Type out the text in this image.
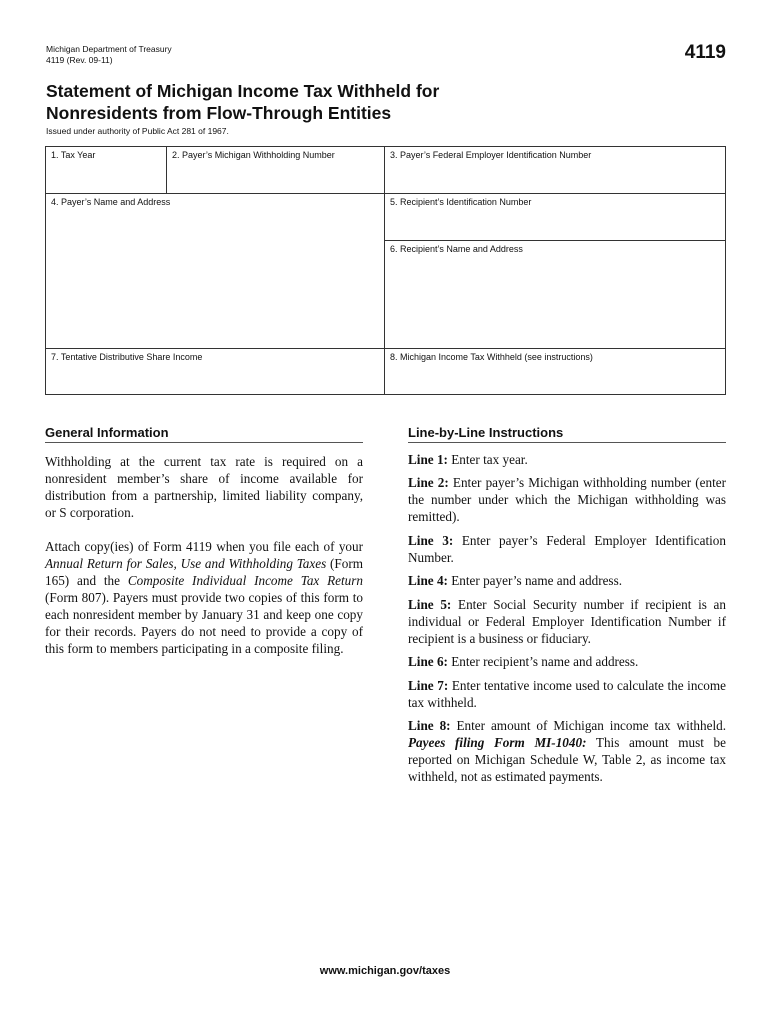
Michigan Department of Treasury
4119 (Rev. 09-11)	4119
Statement of Michigan Income Tax Withheld for
Nonresidents from Flow-Through Entities
Issued under authority of Public Act 281 of 1967.
1. Tax Year	2. Payer’s Michigan Withholding Number	3. Payer’s Federal Employer Identification Number
4. Payer’s Name and Address	5. Recipient’s Identification Number
6. Recipient’s Name and Address
7. Tentative Distributive Share Income	8. Michigan Income Tax Withheld (see instructions)
General Information

Withholding at the current tax rate is required on a nonresident member’s share of income available for distribution from a partnership, limited liability company, or S corporation.

Attach copy(ies) of Form 4119 when you file each of your Annual Return for Sales, Use and Withholding Taxes (Form 165) and the Composite Individual Income Tax Return (Form 807). Payers must provide two copies of this form to each nonresident member by January 31 and keep one copy for their records. Payers do not need to provide a copy of this form to members participating in a composite filing.

Line-by-Line Instructions

Line 1: Enter tax year.

Line 2: Enter payer’s Michigan withholding number (enter the number under which the Michigan withholding was remitted).

Line 3: Enter payer’s Federal Employer Identification Number.

Line 4: Enter payer’s name and address.

Line 5: Enter Social Security number if recipient is an individual or Federal Employer Identification Number if recipient is a business or fiduciary.

Line 6: Enter recipient’s name and address.

Line 7: Enter tentative income used to calculate the income tax withheld.

Line 8: Enter amount of Michigan income tax withheld. Payees filing Form MI-1040: This amount must be reported on Michigan Schedule W, Table 2, as income tax withheld, not as estimated payments.

www.michigan.gov/taxes
